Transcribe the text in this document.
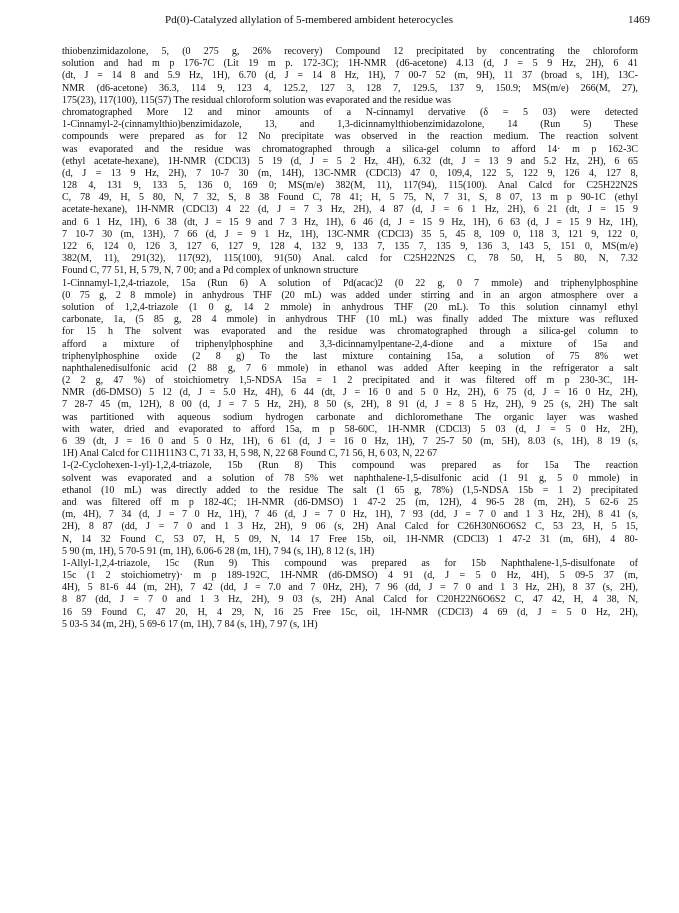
Pd(0)-Catalyzed allylation of 5-membered ambident heterocycles	1469
thiobenzimidazolone, 5, (0 275 g, 26% recovery) Compound 12 precipitated by concentrating the chloroform
solution and had m p 176-7C (Lit 19 m p. 172-3C); 1H-NMR (d6-acetone) 4.13 (d, J = 5 9 Hz, 2H), 6 41
(dt, J = 14 8 and 5.9 Hz, 1H), 6.70 (d, J = 14 8 Hz, 1H), 7 00-7 52 (m, 9H), 11 37 (broad s, 1H), 13C-
NMR (d6-acetone) 36.3, 114 9, 123 4, 125.2, 127 3, 128 7, 129.5, 137 9, 150.9; MS(m/e) 266(M, 27),
175(23), 117(100), 115(57) The residual chloroform solution was evaporated and the residue was
chromatographed More 12 and minor amounts of a N-cinnamyl dervative (δ = 5 03) were detected
1-Cinnamyl-2-(cinnamylthio)benzimidazole, 13, and 1,3-dicinnamylthiobenzimidazolone, 14 (Run 5) These
compounds were prepared as for 12 No precipitate was observed in the reaction medium. The reaction solvent
was evaporated and the residue was chromatographed through a silica-gel column to afford 14· m p 162-3C
(ethyl acetate-hexane), 1H-NMR (CDCl3) 5 19 (d, J = 5 2 Hz, 4H), 6.32 (dt, J = 13 9 and 5.2 Hz, 2H), 6 65
(d, J = 13 9 Hz, 2H), 7 10-7 30 (m, 14H), 13C-NMR (CDCl3) 47 0, 109,4, 122 5, 122 9, 126 4, 127 8,
128 4, 131 9, 133 5, 136 0, 169 0; MS(m/e) 382(M, 11), 117(94), 115(100). Anal Calcd for C25H22N2S
C, 78 49, H, 5 80, N, 7 32, S, 8 38 Found C, 78 41; H, 5 75, N, 7 31, S, 8 07, 13 m p 90-1C (ethyl
acetate-hexane), 1H-NMR (CDCl3) 4 22 (d, J = 7 3 Hz, 2H), 4 87 (d, J = 6 1 Hz, 2H), 6 21 (dt, J = 15 9
and 6 1 Hz, 1H), 6 38 (dt, J = 15 9 and 7 3 Hz, 1H), 6 46 (d, J = 15 9 Hz, 1H), 6 63 (d, J = 15 9 Hz, 1H),
7 10-7 30 (m, 13H), 7 66 (d, J = 9 1 Hz, 1H), 13C-NMR (CDCl3) 35 5, 45 8, 109 0, 118 3, 121 9, 122 0,
122 6, 124 0, 126 3, 127 6, 127 9, 128 4, 132 9, 133 7, 135 7, 135 9, 136 3, 143 5, 151 0, MS(m/e)
382(M, 11), 291(32), 117(92), 115(100), 91(50) Anal. calcd for C25H22N2S C, 78 50, H, 5 80, N, 7.32
Found C, 77 51, H, 5 79, N, 7 00; and a Pd complex of unknown structure
1-Cinnamyl-1,2,4-triazole, 15a (Run 6) A solution of Pd(acac)2 (0 22 g, 0 7 mmole) and triphenylphosphine
(0 75 g, 2 8 mmole) in anhydrous THF (20 mL) was added under stirring and in an argon atmosphere over a
solution of 1,2,4-triazole (1 0 g, 14 2 mmole) in anhydrous THF (20 mL). To this solution cinnamyl ethyl
carbonate, 1a, (5 85 g, 28 4 mmole) in anhydrous THF (10 mL) was finally added The mixture was refluxed
for 15 h The solvent was evaporated and the residue was chromatographed through a silica-gel column to
afford a mixture of triphenylphosphine and 3,3-dicinnamylpentane-2,4-dione and a mixture of 15a and
triphenylphosphine oxide (2 8 g) To the last mixture containing 15a, a solution of 75 8% wet
naphthalenedisulfonic acid (2 88 g, 7 6 mmole) in ethanol was added After keeping in the refrigerator a salt
(2 2 g, 47 %) of stoichiometry 1,5-NDSA 15a = 1 2 precipitated and it was filtered off m p 230-3C, 1H-
NMR (d6-DMSO) 5 12 (d, J = 5.0 Hz, 4H), 6 44 (dt, J = 16 0 and 5 0 Hz, 2H), 6 75 (d, J = 16 0 Hz, 2H),
7 28-7 45 (m, 12H), 8 00 (d, J = 7 5 Hz, 2H), 8 50 (s, 2H), 8 91 (d, J = 8 5 Hz, 2H), 9 25 (s, 2H) The salt
was partitioned with aqueous sodium hydrogen carbonate and dichloromethane The organic layer was washed
with water, dried and evaporated to afford 15a, m p 58-60C, 1H-NMR (CDCl3) 5 03 (d, J = 5 0 Hz, 2H),
6 39 (dt, J = 16 0 and 5 0 Hz, 1H), 6 61 (d, J = 16 0 Hz, 1H), 7 25-7 50 (m, 5H), 8.03 (s, 1H), 8 19 (s,
1H) Anal Calcd for C11H11N3 C, 71 33, H, 5 98, N, 22 68 Found C, 71 56, H, 6 03, N, 22 67
1-(2-Cyclohexen-1-yl)-1,2,4-triazole, 15b (Run 8) This compound was prepared as for 15a The reaction
solvent was evaporated and a solution of 78 5% wet naphthalene-1,5-disulfonic acid (1 91 g, 5 0 mmole) in
ethanol (10 mL) was directly added to the residue The salt (1 65 g, 78%) (1,5-NDSA 15b = 1 2) precipitated
and was filtered off m p 182-4C; 1H-NMR (d6-DMSO) 1 47-2 25 (m, 12H), 4 96-5 28 (m, 2H), 5 62-6 25
(m, 4H), 7 34 (d, J = 7 0 Hz, 1H), 7 46 (d, J = 7 0 Hz, 1H), 7 93 (dd, J = 7 0 and 1 3 Hz, 2H), 8 41 (s,
2H), 8 87 (dd, J = 7 0 and 1 3 Hz, 2H), 9 06 (s, 2H) Anal Calcd for C26H30N6O6S2 C, 53 23, H, 5 15,
N, 14 32 Found C, 53 07, H, 5 09, N, 14 17 Free 15b, oil, 1H-NMR (CDCl3) 1 47-2 31 (m, 6H), 4 80-
5 90 (m, 1H), 5 70-5 91 (m, 1H), 6.06-6 28 (m, 1H), 7 94 (s, 1H), 8 12 (s, 1H)
1-Allyl-1,2,4-triazole, 15c (Run 9) This compound was prepared as for 15b Naphthalene-1,5-disulfonate of
15c (1 2 stoichiometry)· m p 189-192C, 1H-NMR (d6-DMSO) 4 91 (d, J = 5 0 Hz, 4H), 5 09-5 37 (m,
4H), 5 81-6 44 (m, 2H), 7 42 (dd, J = 7.0 and 7 0Hz, 2H), 7 96 (dd, J = 7 0 and 1 3 Hz, 2H), 8 37 (s, 2H),
8 87 (dd, J = 7 0 and 1 3 Hz, 2H), 9 03 (s, 2H) Anal Calcd for C20H22N6O6S2 C, 47 42, H, 4 38, N,
16 59 Found C, 47 20, H, 4 29, N, 16 25 Free 15c, oil, 1H-NMR (CDCl3) 4 69 (d, J = 5 0 Hz, 2H),
5 03-5 34 (m, 2H), 5 69-6 17 (m, 1H), 7 84 (s, 1H), 7 97 (s, 1H)
